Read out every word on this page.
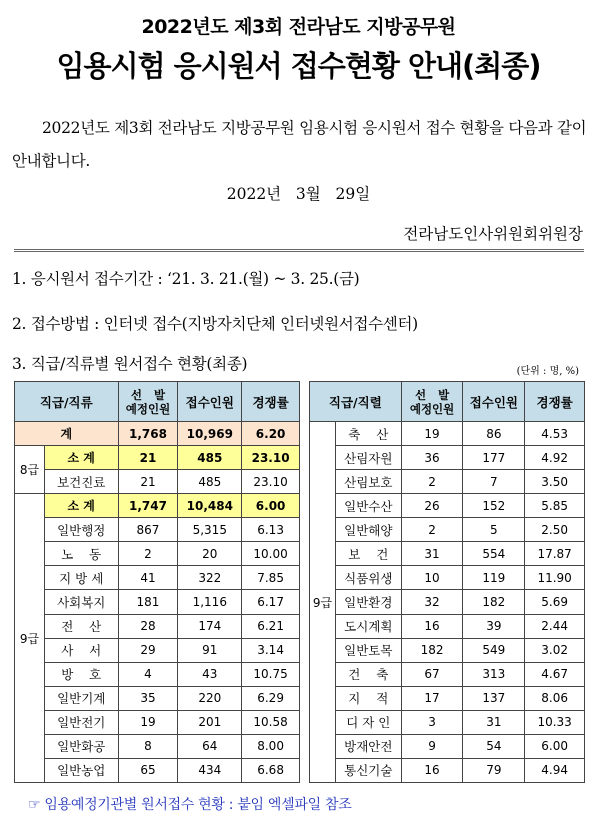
2022년도 제3회 전라남도 지방공무원
임용시험 응시원서 접수현황 안내(최종)
2022년도 제3회 전라남도 지방공무원 임용시험 응시원서 접수 현황을 다음과 같이 안내합니다.
2022년   3월   29일
전라남도인사위원회위원장
1. 응시원서 접수기간 : ‘21. 3. 21.(월) ~ 3. 25.(금)
2. 접수방법 : 인터넷 접수(지방자치단체 인터넷원서접수센터)
3. 직급/직류별 원서접수 현황(최종)	(단위 : 명, %)
직급/직류		선   발
예정인원	접수인원	경쟁률
계		1,768	10,969	6.20
8급	소 계	21	485	23.10
	보건진료	21	485	23.10
9급	소 계	1,747	10,484	6.00
	일반행정	867	5,315	6.13
	노    동	2	20	10.00
	지 방 세	41	322	7.85
	사회복지	181	1,116	6.17
	전    산	28	174	6.21
	사    서	29	91	3.14
	방    호	4	43	10.75
	일반기계	35	220	6.29
	일반전기	19	201	10.58
	일반화공	8	64	8.00
	일반농업	65	434	6.68
직급/직렬		선   발
예정인원	접수인원	경쟁률
9급	축    산	19	86	4.53
	산림자원	36	177	4.92
	산림보호	2	7	3.50
	일반수산	26	152	5.85
	일반해양	2	5	2.50
	보    건	31	554	17.87
	식품위생	10	119	11.90
	일반환경	32	182	5.69
	도시계획	16	39	2.44
	일반토목	182	549	3.02
	건    축	67	313	4.67
	지    적	17	137	8.06
	디 자 인	3	31	10.33
	방재안전	9	54	6.00
	통신기술	16	79	4.94
☞ 임용예정기관별 원서접수 현황 : 붙임 엑셀파일 참조
